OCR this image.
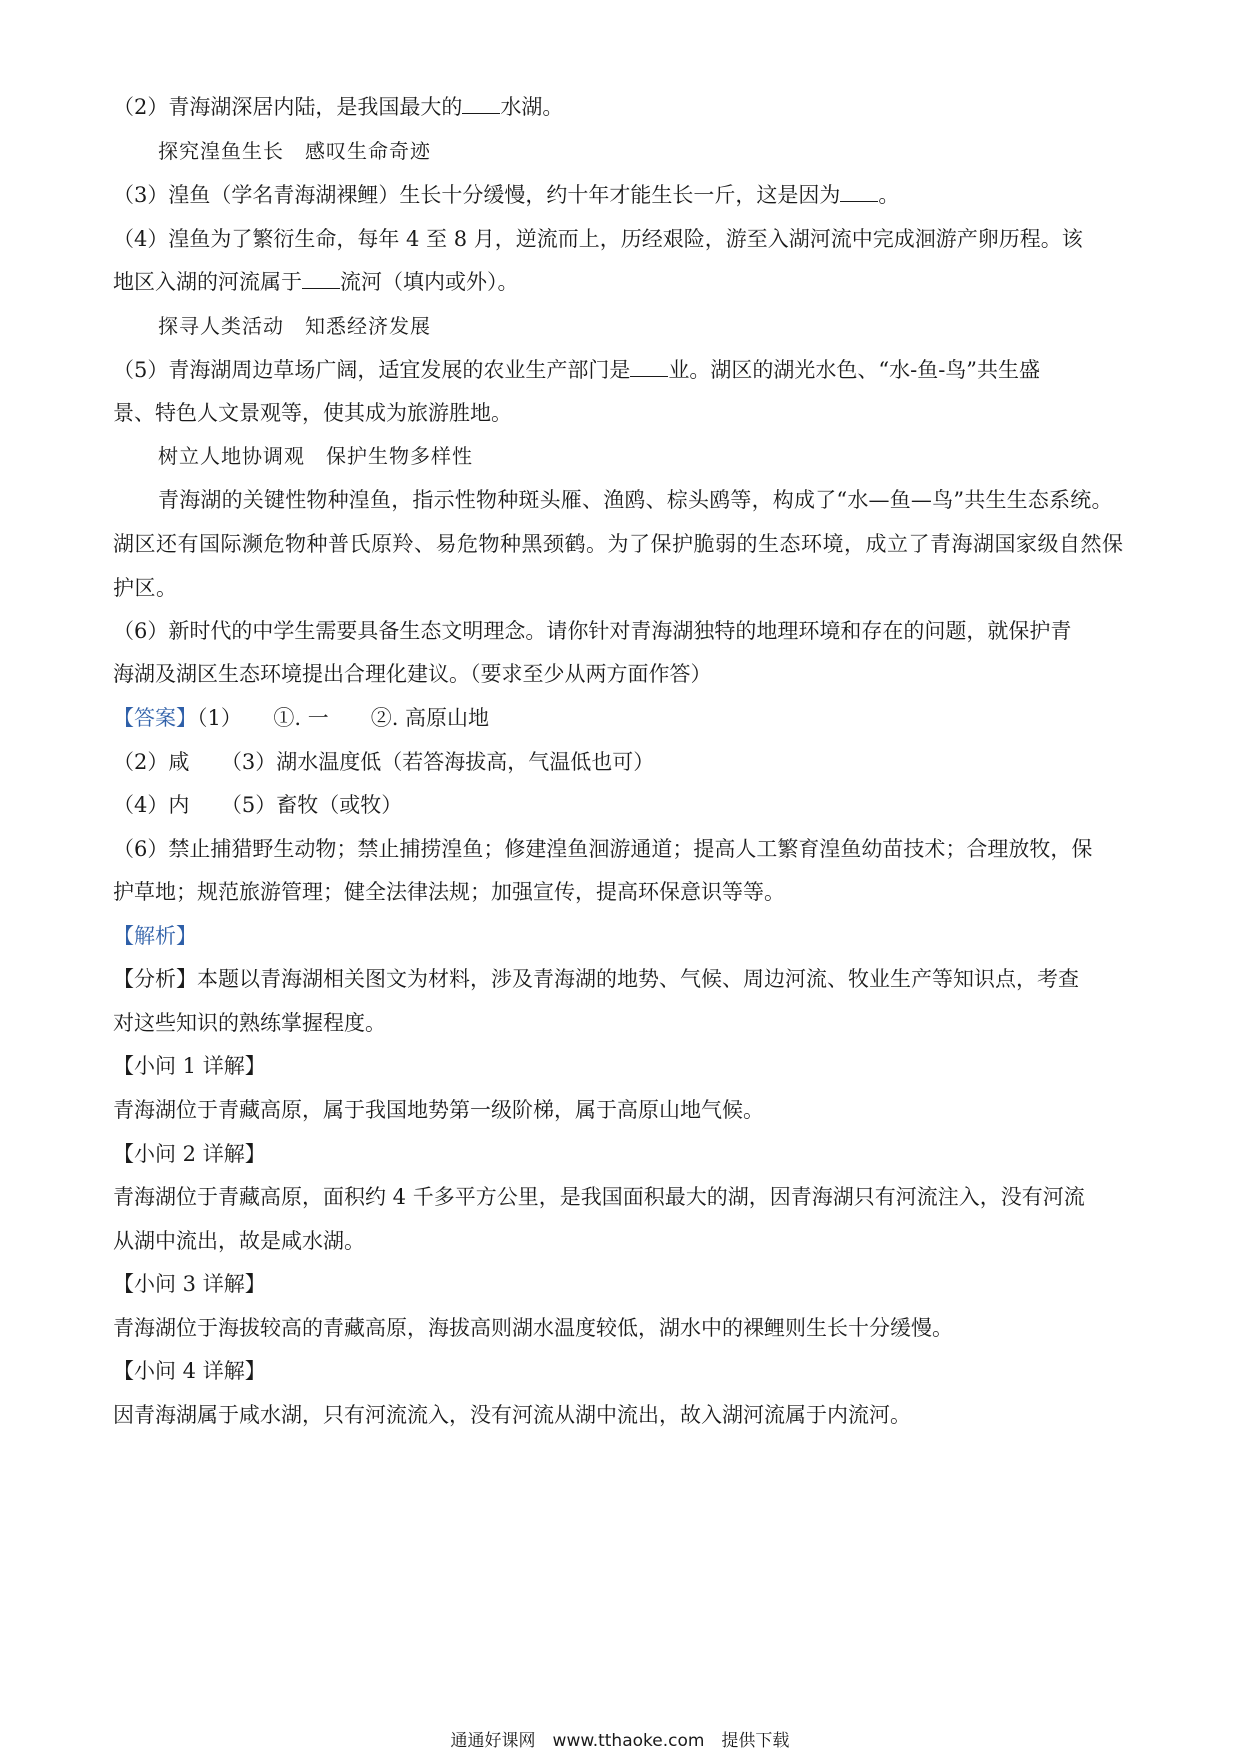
（2）青海湖深居内陆，是我国最大的 水湖。
探究湟鱼生长　感叹生命奇迹
（3）湟鱼（学名青海湖裸鲤）生长十分缓慢，约十年才能生长一斤，这是因为 。
（4）湟鱼为了繁衍生命，每年 4 至 8 月，逆流而上，历经艰险，游至入湖河流中完成洄游产卵历程。该
地区入湖的河流属于 流河（填内或外）。
探寻人类活动　知悉经济发展
（5）青海湖周边草场广阔，适宜发展的农业生产部门是 业。湖区的湖光水色、“水-鱼-鸟”共生盛
景、特色人文景观等，使其成为旅游胜地。
树立人地协调观　保护生物多样性
青海湖的关键性物种湟鱼，指示性物种斑头雁、渔鸥、棕头鸥等，构成了“水—鱼—鸟”共生生态系统。
湖区还有国际濒危物种普氏原羚、易危物种黑颈鹤。为了保护脆弱的生态环境，成立了青海湖国家级自然保
护区。
（6）新时代的中学生需要具备生态文明理念。请你针对青海湖独特的地理环境和存在的问题，就保护青
海湖及湖区生态环境提出合理化建议。（要求至少从两方面作答）
【答案】（1）　　①. 一　　②. 高原山地
（2）咸　　（3）湖水温度低（若答海拔高，气温低也可）
（4）内　　（5）畜牧（或牧）
（6）禁止捕猎野生动物；禁止捕捞湟鱼；修建湟鱼洄游通道；提高人工繁育湟鱼幼苗技术；合理放牧，保
护草地；规范旅游管理；健全法律法规；加强宣传，提高环保意识等等。
【解析】
【分析】本题以青海湖相关图文为材料，涉及青海湖的地势、气候、周边河流、牧业生产等知识点，考查
对这些知识的熟练掌握程度。
【小问 1 详解】
青海湖位于青藏高原，属于我国地势第一级阶梯，属于高原山地气候。
【小问 2 详解】
青海湖位于青藏高原，面积约 4 千多平方公里，是我国面积最大的湖，因青海湖只有河流注入，没有河流
从湖中流出，故是咸水湖。
【小问 3 详解】
青海湖位于海拔较高的青藏高原，海拔高则湖水温度较低，湖水中的裸鲤则生长十分缓慢。
【小问 4 详解】
因青海湖属于咸水湖，只有河流流入，没有河流从湖中流出，故入湖河流属于内流河。
通通好课网　www.tthaoke.com　提供下载
